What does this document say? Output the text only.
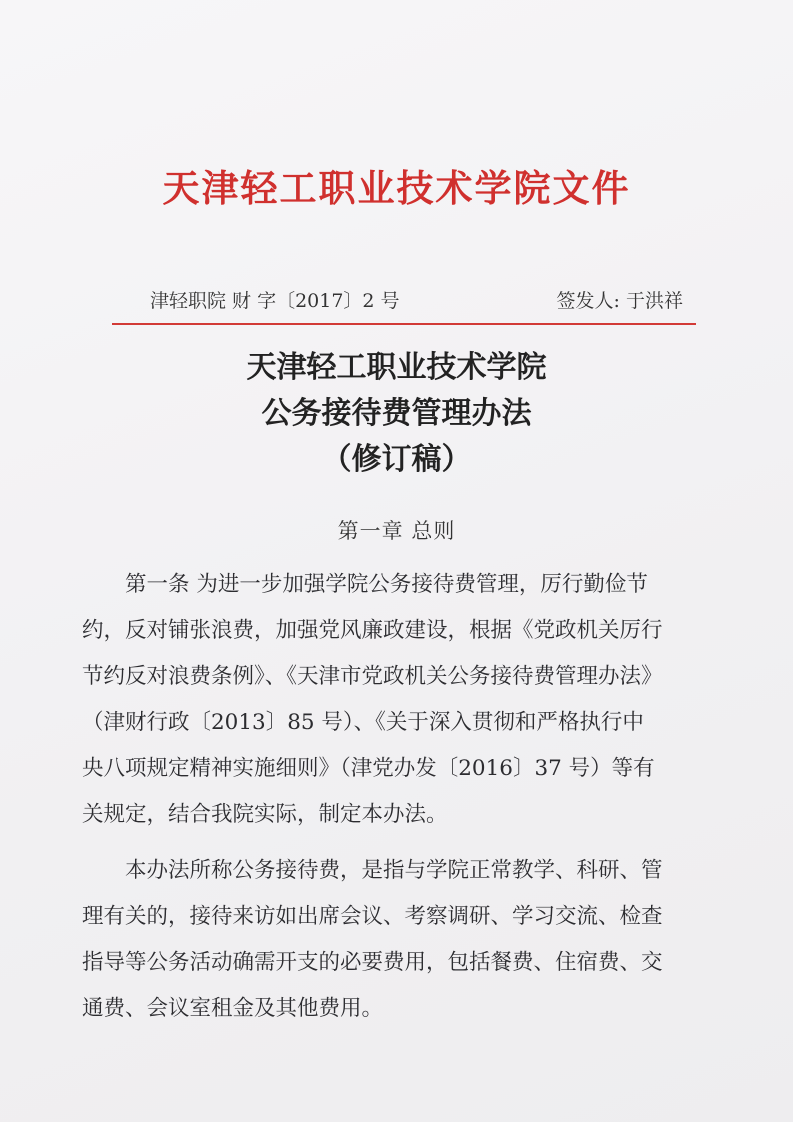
天津轻工职业技术学院文件
津轻职院 财 字〔2017〕2 号	签发人: 于洪祥
天津轻工职业技术学院
公务接待费管理办法
（修订稿）
第一章 总则
　　第一条 为进一步加强学院公务接待费管理，厉行勤俭节
约，反对铺张浪费，加强党风廉政建设，根据《党政机关厉行
节约反对浪费条例》、《天津市党政机关公务接待费管理办法》
（津财行政〔2013〕85 号）、《关于深入贯彻和严格执行中
央八项规定精神实施细则》（津党办发〔2016〕37 号）等有
关规定，结合我院实际，制定本办法。
　　本办法所称公务接待费，是指与学院正常教学、科研、管
理有关的，接待来访如出席会议、考察调研、学习交流、检查
指导等公务活动确需开支的必要费用，包括餐费、住宿费、交
通费、会议室租金及其他费用。
